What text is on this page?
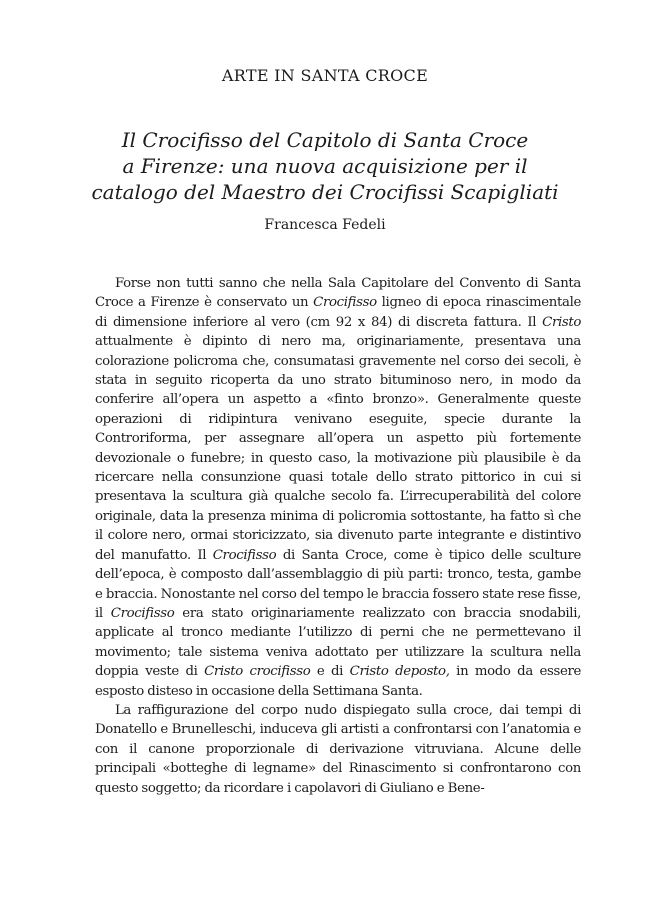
ARTE IN SANTA CROCE
Il Crocifisso del Capitolo di Santa Croce
a Firenze: una nuova acquisizione per il
catalogo del Maestro dei Crocifissi Scapigliati
Francesca Fedeli

Forse non tutti sanno che nella Sala Capitolare del Convento di Santa Croce a Firenze è conservato un Crocifisso ligneo di epoca rinascimentale di dimensione inferiore al vero (cm 92 x 84) di discreta fattura. Il Cristo attualmente è dipinto di nero ma, originariamente, presentava una colorazione policroma che, consumatasi gravemente nel corso dei secoli, è stata in seguito ricoperta da uno strato bituminoso nero, in modo da conferire all’opera un aspetto a «finto bronzo». Generalmente queste operazioni di ridipintura venivano eseguite, specie durante la Controriforma, per assegnare all’opera un aspetto più fortemente devozionale o funebre; in questo caso, la motivazione più plausibile è da ricercare nella consunzione quasi totale dello strato pittorico in cui si presentava la scultura già qualche secolo fa. L’irrecuperabilità del colore originale, data la presenza minima di policromia sottostante, ha fatto sì che il colore nero, ormai storicizzato, sia divenuto parte integrante e distintivo del manufatto. Il Crocifisso di Santa Croce, come è tipico delle sculture dell’epoca, è composto dall’assemblaggio di più parti: tronco, testa, gambe e braccia. Nonostante nel corso del tempo le braccia fossero state rese fisse, il Crocifisso era stato originariamente realizzato con braccia snodabili, applicate al tronco mediante l’utilizzo di perni che ne permettevano il movimento; tale sistema veniva adottato per utilizzare la scultura nella doppia veste di Cristo crocifisso e di Cristo deposto, in modo da essere esposto disteso in occasione della Settimana Santa.

La raffigurazione del corpo nudo dispiegato sulla croce, dai tempi di Donatello e Brunelleschi, induceva gli artisti a confrontarsi con l’anatomia e con il canone proporzionale di derivazione vitruviana. Alcune delle principali «botteghe di legname» del Rinascimento si confrontarono con questo soggetto; da ricordare i capolavori di Giuliano e Bene-
